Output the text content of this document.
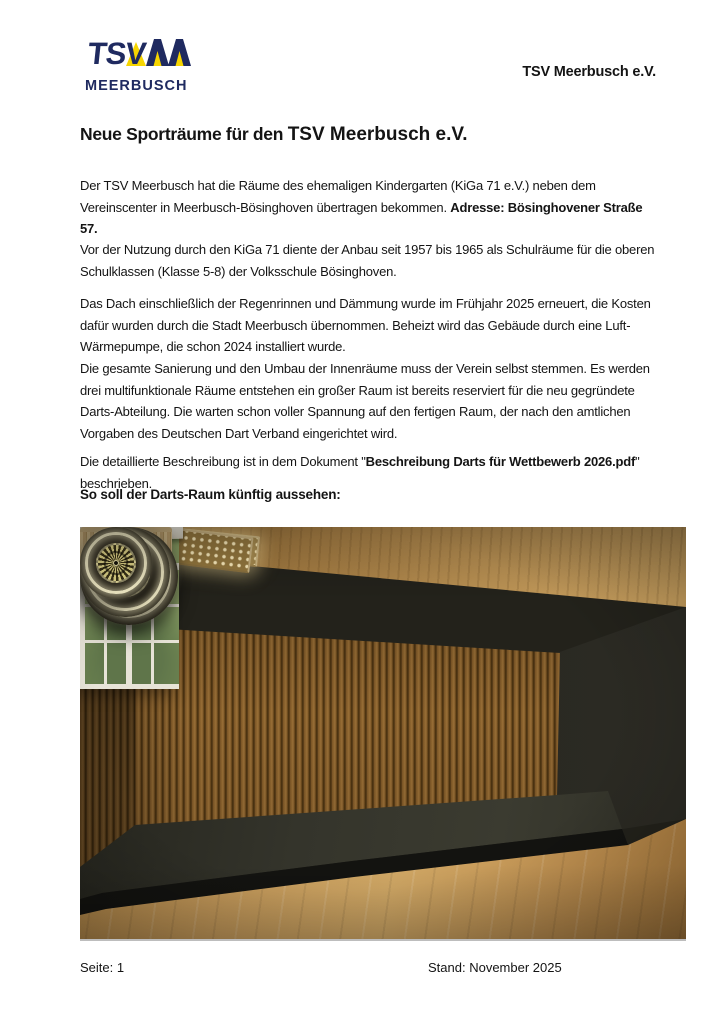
TSV
MEERBUSCH
TSV Meerbusch e.V.
Neue Sporträume für den TSV Meerbusch e.V.

Der TSV Meerbusch hat die Räume des ehemaligen Kindergarten (KiGa 71 e.V.) neben dem Vereinscenter in Meerbusch-Bösinghoven übertragen bekommen. Adresse: Bösinghovener Straße 57.

Vor der Nutzung durch den KiGa 71 diente der Anbau seit 1957 bis 1965 als Schulräume für die oberen Schulklassen (Klasse 5-8) der Volksschule Bösinghoven.

Das Dach einschließlich der Regenrinnen und Dämmung wurde im Frühjahr 2025 erneuert, die Kosten dafür wurden durch die Stadt Meerbusch übernommen. Beheizt wird das Gebäude durch eine Luft-Wärmepumpe, die schon 2024 installiert wurde.

Die gesamte Sanierung und den Umbau der Innenräume muss der Verein selbst stemmen. Es werden drei multifunktionale Räume entstehen ein großer Raum ist bereits reserviert für die neu gegründete Darts-Abteilung. Die warten schon voller Spannung auf den fertigen Raum, der nach den amtlichen Vorgaben des Deutschen Dart Verband eingerichtet wird.

Die detaillierte Beschreibung ist in dem Dokument "Beschreibung Darts für Wettbewerb 2026.pdf" beschrieben.

So soll der Darts-Raum künftig aussehen:
Seite: 1	Stand: November 2025
